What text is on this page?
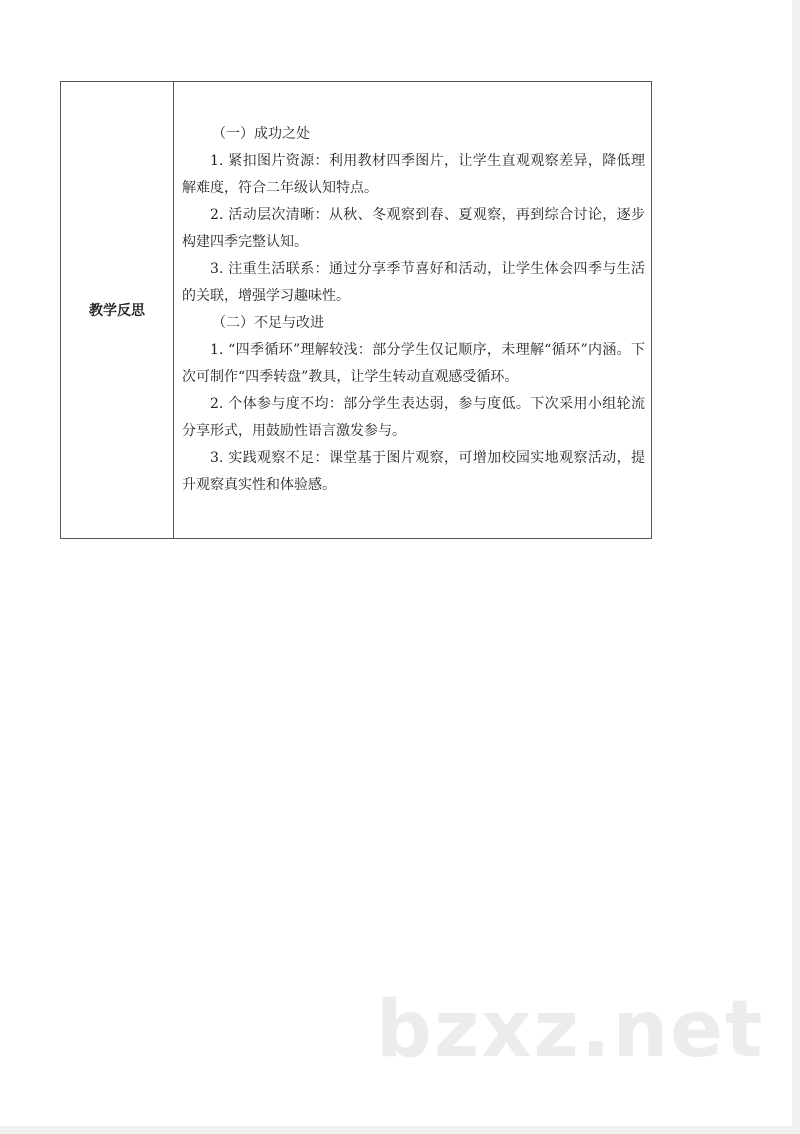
教学反思	

（一）成功之处

1. 紧扣图片资源：利用教材四季图片，让学生直观观察差异，降低理解难度，符合二年级认知特点。

2. 活动层次清晰：从秋、冬观察到春、夏观察，再到综合讨论，逐步构建四季完整认知。

3. 注重生活联系：通过分享季节喜好和活动，让学生体会四季与生活的关联，增强学习趣味性。

（二）不足与改进

1. “四季循环”理解较浅：部分学生仅记顺序，未理解“循环”内涵。下次可制作“四季转盘”教具，让学生转动直观感受循环。

2. 个体参与度不均：部分学生表达弱，参与度低。下次采用小组轮流分享形式，用鼓励性语言激发参与。

3. 实践观察不足：课堂基于图片观察，可增加校园实地观察活动，提升观察真实性和体验感。

bzxz.net
